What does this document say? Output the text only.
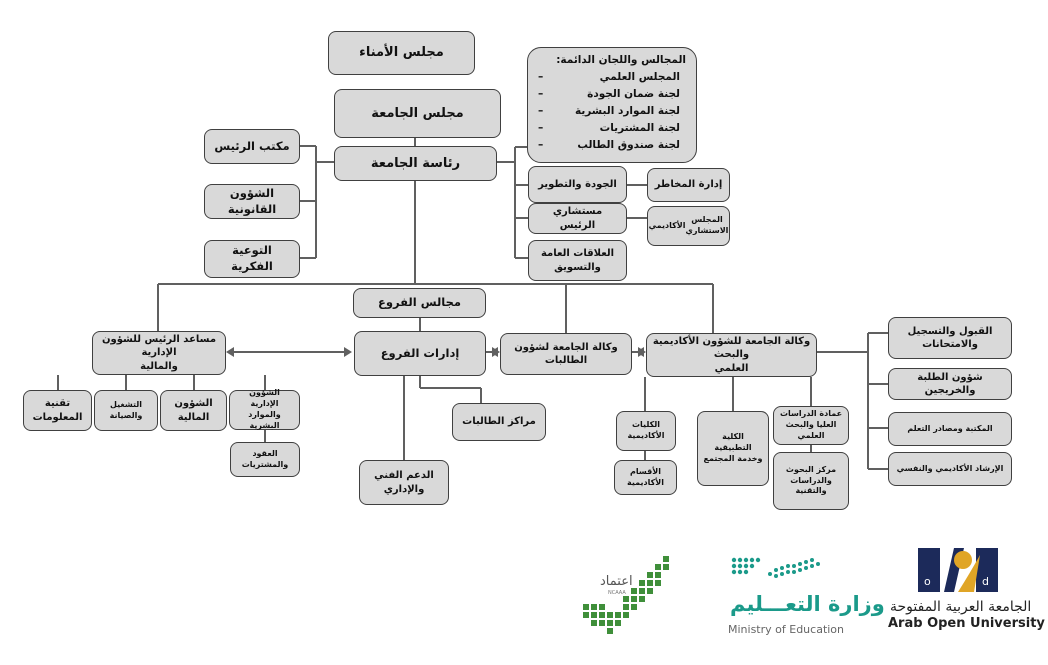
مجلس الأمناء
مجلس الجامعة
رئاسة الجامعة
مكتب الرئيس
الشؤون القانونية
التوعية الفكرية
المجالس واللجان الدائمة:
المجلس العلمي
–
لجنة ضمان الجودة
–
لجنة الموارد البشرية
–
لجنة المشتريات
–
لجنة صندوق الطالب
–
الجودة والتطوير	إدارة المخاطر
مستشاري الرئيس	المجلس الاستشاري
الأكاديمي
العلاقات العامة
والتسويق
مجالس الفروع
إدارات الفروع	وكالة الجامعة لشؤون الطالبات
وكالة الجامعة للشؤون الأكاديمية والبحث
العلمي
مساعد الرئيس للشؤون الإدارية
والمالية
القبول والتسجيل
والامتحانات
شؤون الطلبة والخريجين
المكتبة ومصادر التعلم
الإرشاد الأكاديمي والنفسي
الكليات
الأكاديمية
الأقسام الأكاديمية
الكلية التطبيقية
وخدمة المجتمع
عمادة الدراسات
العليا والبحث العلمي
مركز البحوث
والدراسات والتقنية
مراكز الطالبات
الدعم الفني
والإداري
تقنية
المعلومات
التشغيل
والصيانة
الشؤون
المالية
الشؤون الإدارية
والموارد البشرية
العقود
والمشتريات
اعتماد
NCAAA	وزارة التعـــليم
Ministry of Education
o	d
الجامعة العربية المفتوحة
Arab Open University
